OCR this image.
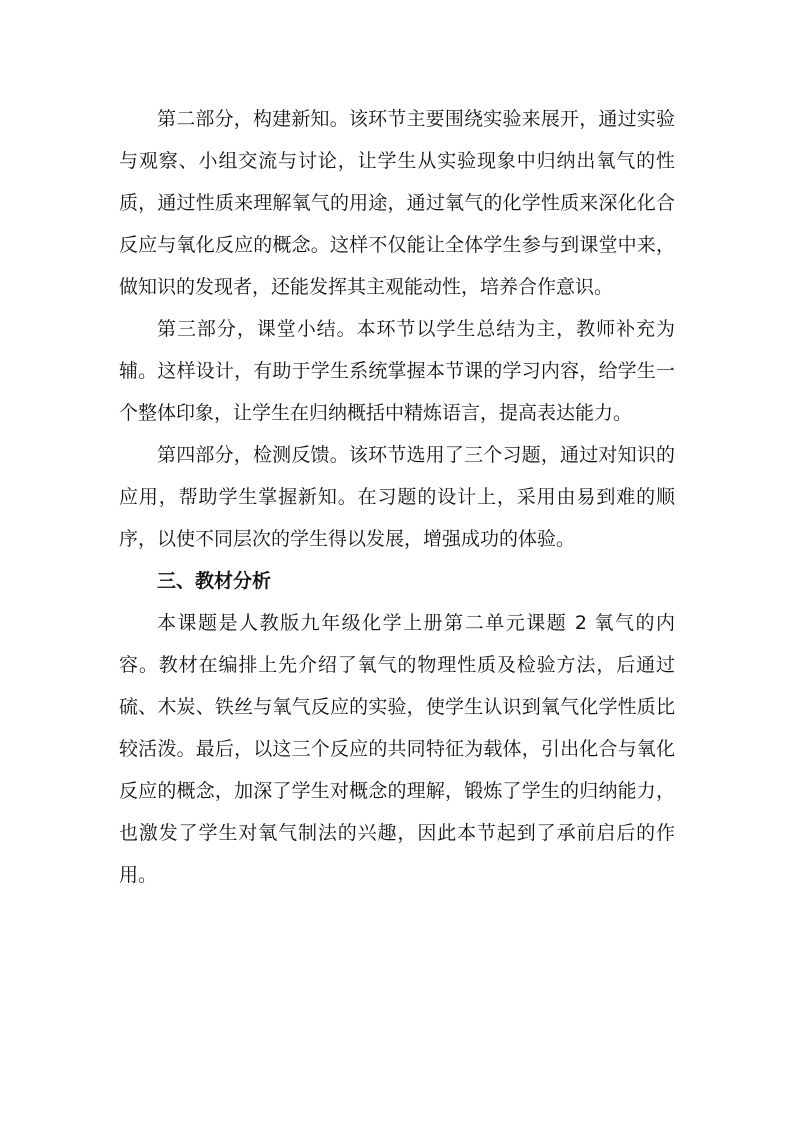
第二部分，构建新知。该环节主要围绕实验来展开，通过实验与观察、小组交流与讨论，让学生从实验现象中归纳出氧气的性质，通过性质来理解氧气的用途，通过氧气的化学性质来深化化合反应与氧化反应的概念。这样不仅能让全体学生参与到课堂中来，做知识的发现者，还能发挥其主观能动性，培养合作意识。

第三部分，课堂小结。本环节以学生总结为主，教师补充为辅。这样设计，有助于学生系统掌握本节课的学习内容，给学生一个整体印象，让学生在归纳概括中精炼语言，提高表达能力。

第四部分，检测反馈。该环节选用了三个习题，通过对知识的应用，帮助学生掌握新知。在习题的设计上，采用由易到难的顺序，以使不同层次的学生得以发展，增强成功的体验。

三、教材分析

本课题是人教版九年级化学上册第二单元课题 2 氧气的内容。教材在编排上先介绍了氧气的物理性质及检验方法，后通过硫、木炭、铁丝与氧气反应的实验，使学生认识到氧气化学性质比较活泼。最后，以这三个反应的共同特征为载体，引出化合与氧化反应的概念，加深了学生对概念的理解，锻炼了学生的归纳能力，也激发了学生对氧气制法的兴趣，因此本节起到了承前启后的作用。
